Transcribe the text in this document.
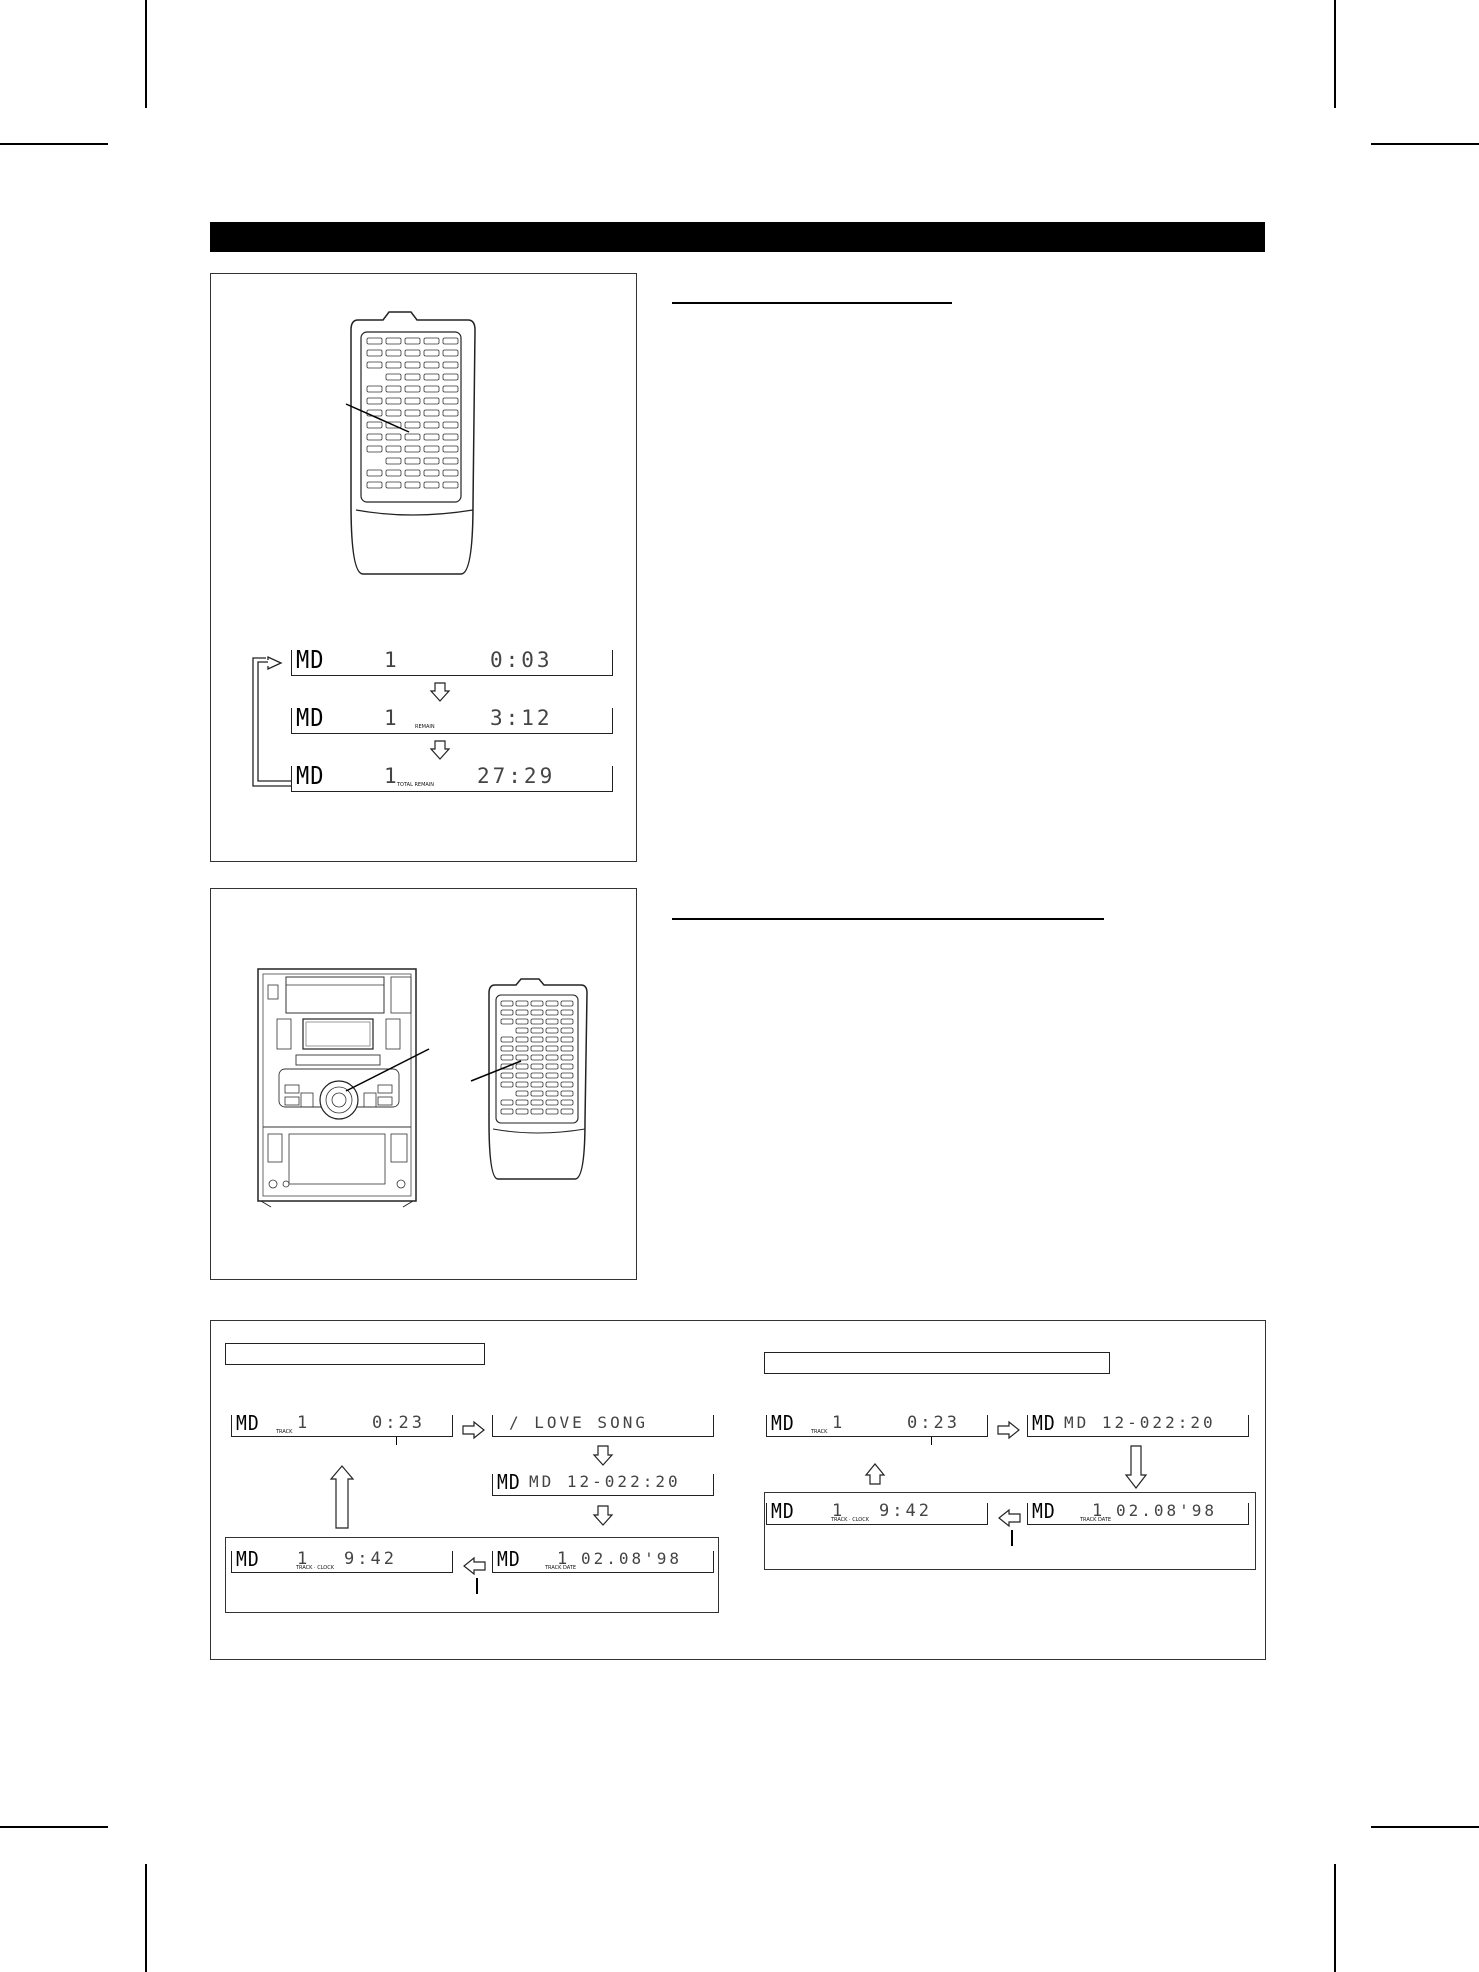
MD	1	0:03
MD	1	REMAIN	3:12
MD	1 TOTAL REMAIN 27:29
MD 1
TRACK	0:23	/ LOVE SONG
MD MD 12-022:20
MD 1
TRACK · CLOCK 9:42	MD 1
TRACK DATE 02.08'98
MD 1
TRACK	0:23	MD MD 12-022:20
MD 1
TRACK · CLOCK 9:42	MD 1
TRACK DATE 02.08'98
